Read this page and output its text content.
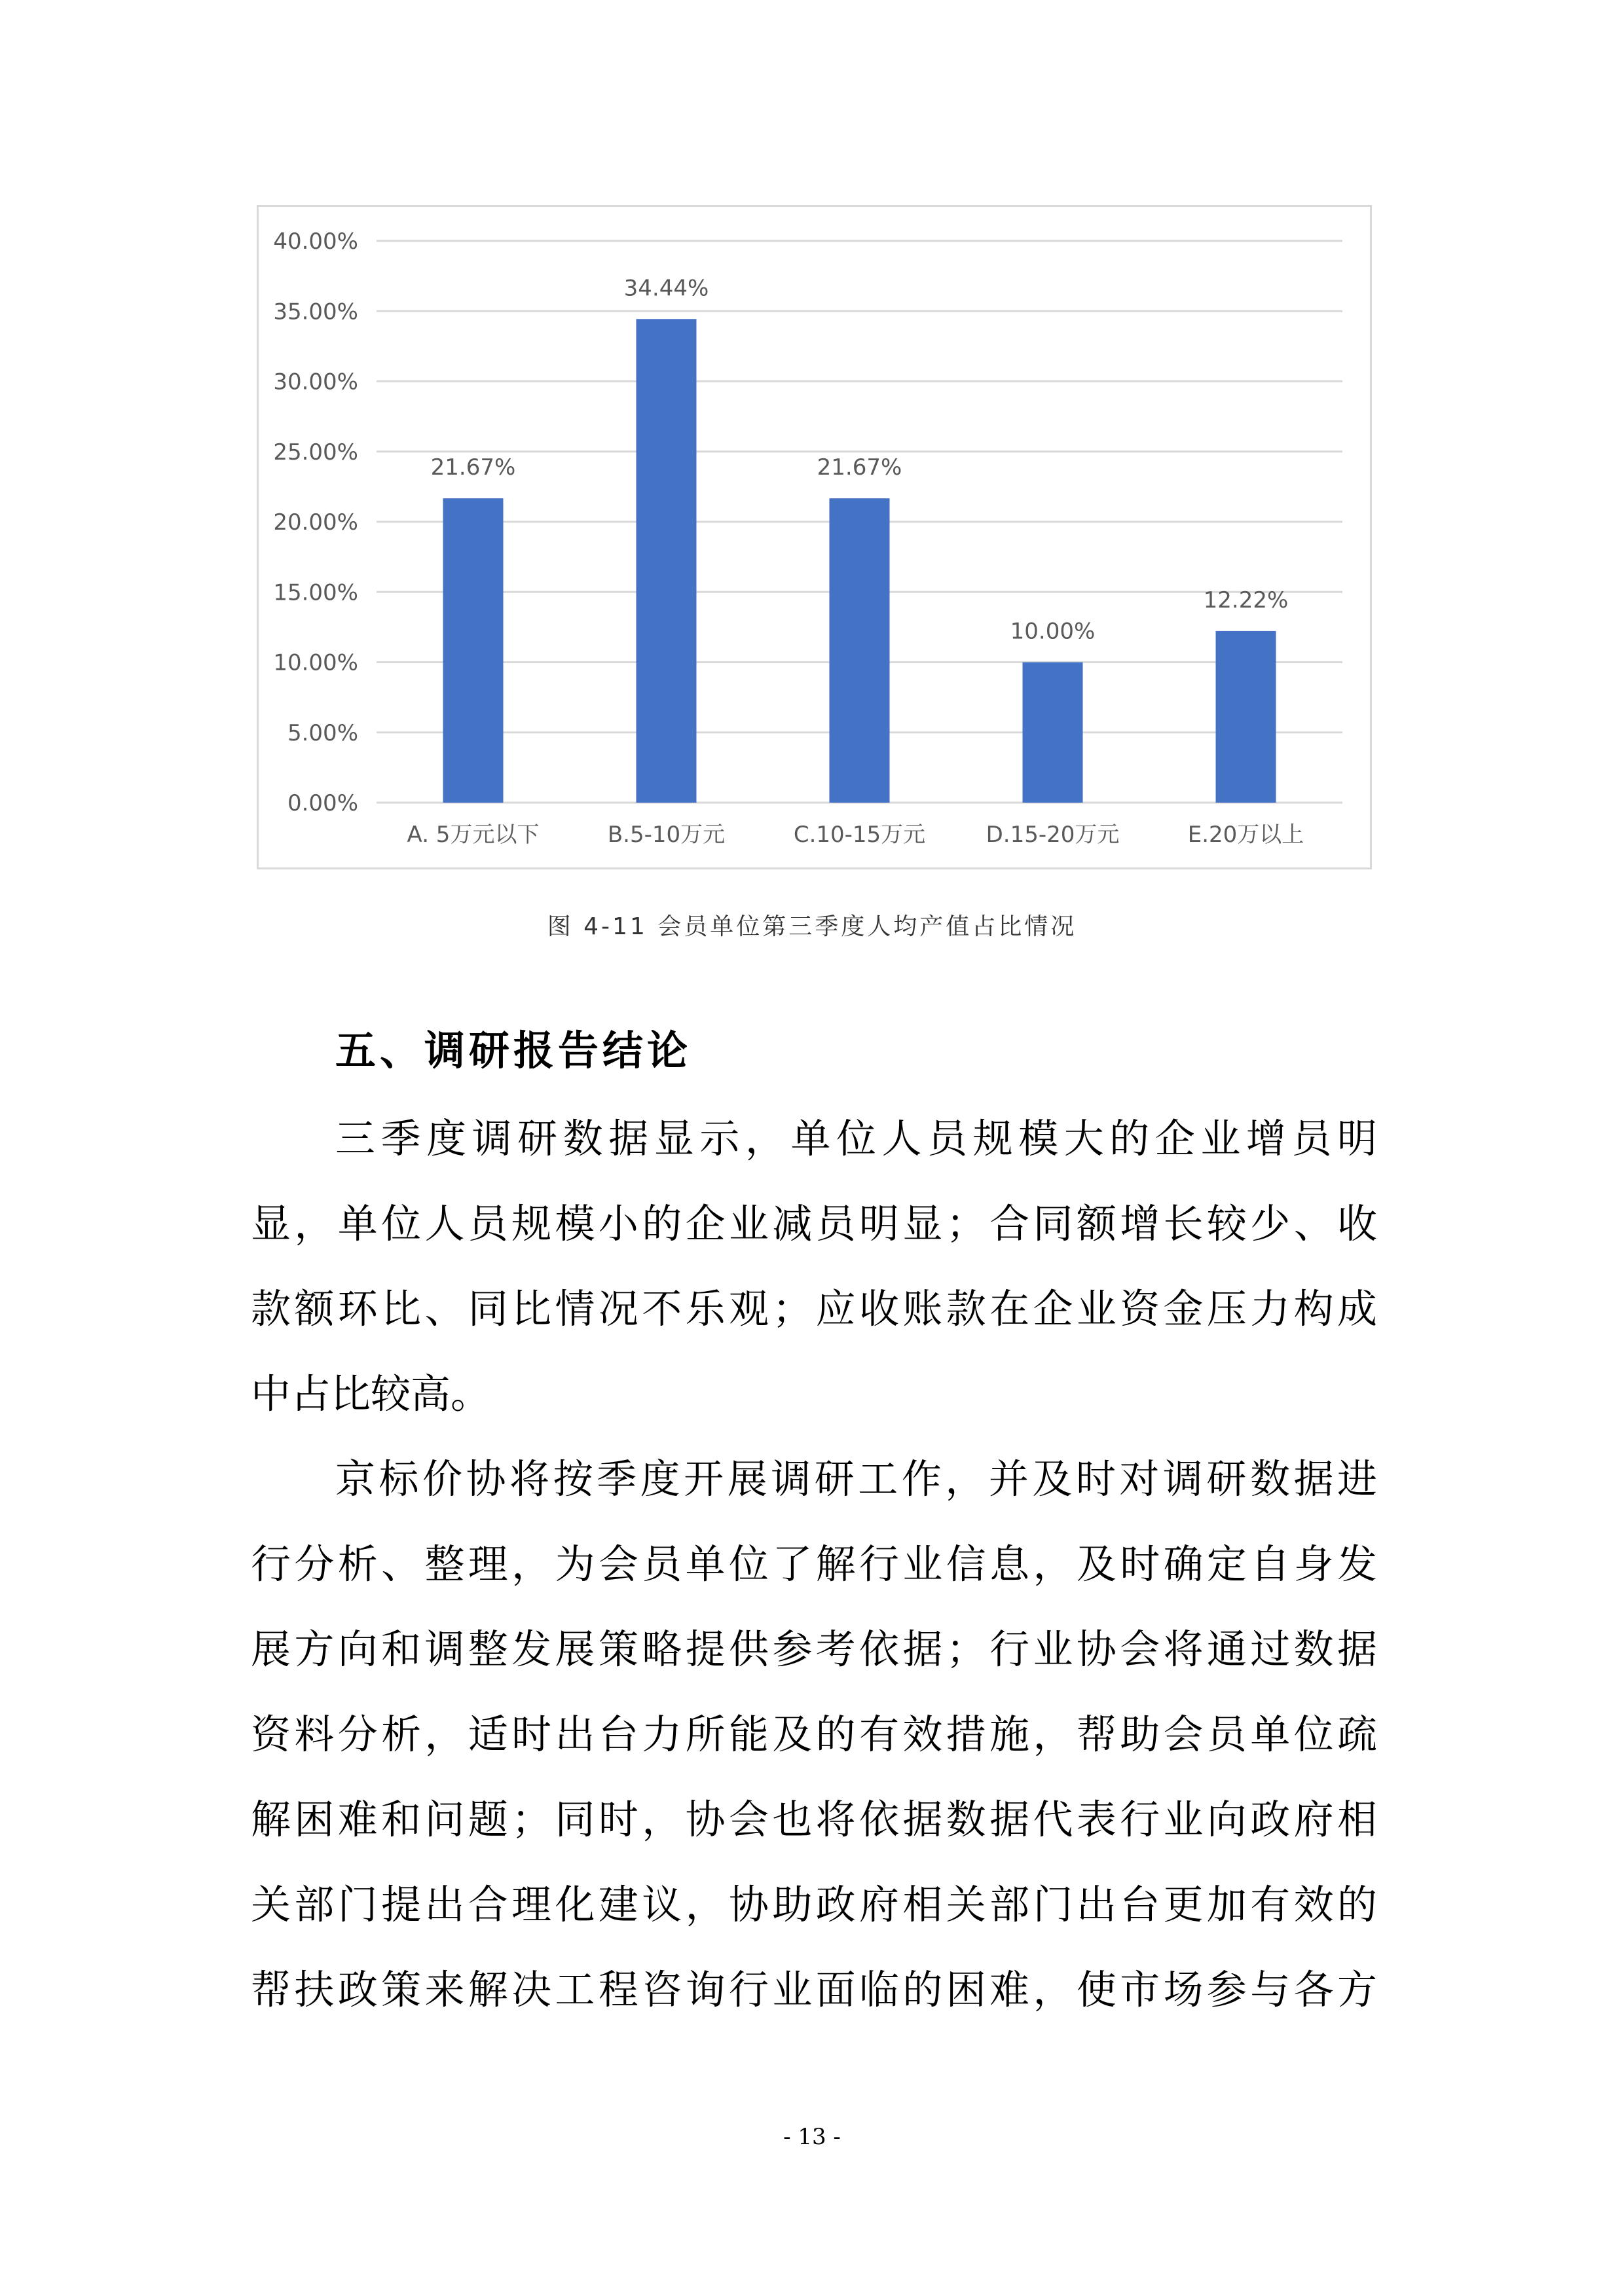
0.00%
5.00%
10.00%
15.00%
20.00%
25.00%
30.00%
35.00%
40.00%
21.67%
A. 5万元以下
34.44%
B.5-10万元
21.67%
C.10-15万元
10.00%
D.15-20万元
12.22%
E.20万以上
图 4-11 会员单位第三季度人均产值占比情况
五、调研报告结论
三季度调研数据显示，单位人员规模大的企业增员明
显，单位人员规模小的企业减员明显；合同额增长较少、收
款额环比、同比情况不乐观；应收账款在企业资金压力构成
中占比较高。
京标价协将按季度开展调研工作，并及时对调研数据进
行分析、整理，为会员单位了解行业信息，及时确定自身发
展方向和调整发展策略提供参考依据；行业协会将通过数据
资料分析，适时出台力所能及的有效措施，帮助会员单位疏
解困难和问题；同时，协会也将依据数据代表行业向政府相
关部门提出合理化建议，协助政府相关部门出台更加有效的
帮扶政策来解决工程咨询行业面临的困难，使市场参与各方
- 13 -
